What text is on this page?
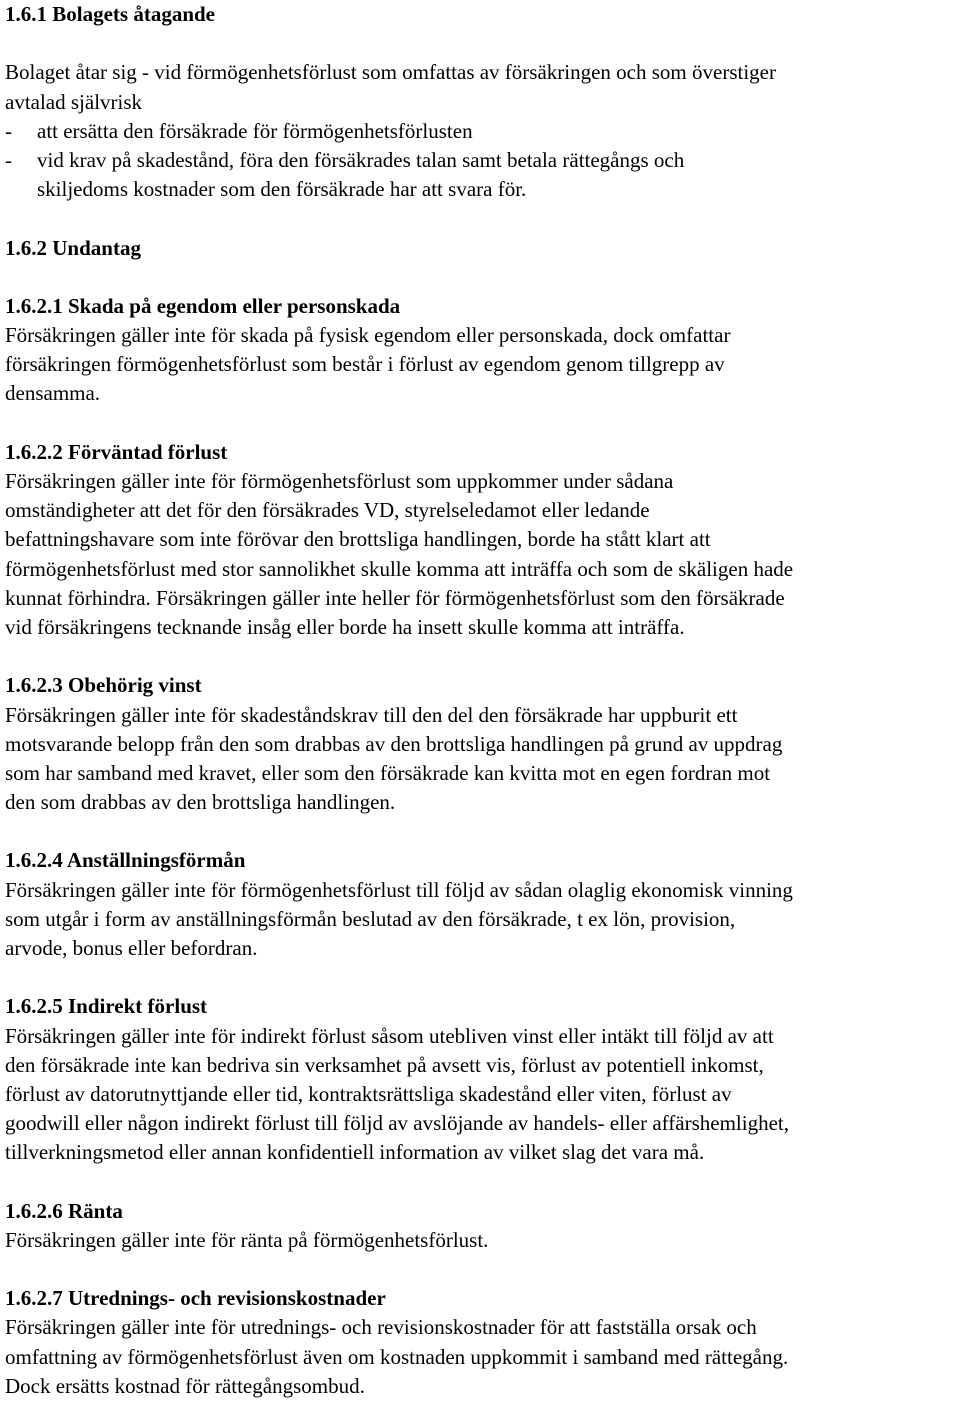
1.6.1 Bolagets åtagande
Bolaget åtar sig - vid förmögenhetsförlust som omfattas av försäkringen och som överstiger
avtalad självrisk
- att ersätta den försäkrade för förmögenhetsförlusten
- vid krav på skadestånd, föra den försäkrades talan samt betala rättegångs och
skiljedoms kostnader som den försäkrade har att svara för.
1.6.2 Undantag
1.6.2.1 Skada på egendom eller personskada
Försäkringen gäller inte för skada på fysisk egendom eller personskada, dock omfattar
försäkringen förmögenhetsförlust som består i förlust av egendom genom tillgrepp av
densamma.
1.6.2.2 Förväntad förlust
Försäkringen gäller inte för förmögenhetsförlust som uppkommer under sådana
omständigheter att det för den försäkrades VD, styrelseledamot eller ledande
befattningshavare som inte förövar den brottsliga handlingen, borde ha stått klart att
förmögenhetsförlust med stor sannolikhet skulle komma att inträffa och som de skäligen hade
kunnat förhindra. Försäkringen gäller inte heller för förmögenhetsförlust som den försäkrade
vid försäkringens tecknande insåg eller borde ha insett skulle komma att inträffa.
1.6.2.3 Obehörig vinst
Försäkringen gäller inte för skadeståndskrav till den del den försäkrade har uppburit ett
motsvarande belopp från den som drabbas av den brottsliga handlingen på grund av uppdrag
som har samband med kravet, eller som den försäkrade kan kvitta mot en egen fordran mot
den som drabbas av den brottsliga handlingen.
1.6.2.4 Anställningsförmån
Försäkringen gäller inte för förmögenhetsförlust till följd av sådan olaglig ekonomisk vinning
som utgår i form av anställningsförmån beslutad av den försäkrade, t ex lön, provision,
arvode, bonus eller befordran.
1.6.2.5 Indirekt förlust
Försäkringen gäller inte för indirekt förlust såsom utebliven vinst eller intäkt till följd av att
den försäkrade inte kan bedriva sin verksamhet på avsett vis, förlust av potentiell inkomst,
förlust av datorutnyttjande eller tid, kontraktsrättsliga skadestånd eller viten, förlust av
goodwill eller någon indirekt förlust till följd av avslöjande av handels- eller affärshemlighet,
tillverkningsmetod eller annan konfidentiell information av vilket slag det vara må.
1.6.2.6 Ränta
Försäkringen gäller inte för ränta på förmögenhetsförlust.
1.6.2.7 Utrednings- och revisionskostnader
Försäkringen gäller inte för utrednings- och revisionskostnader för att fastställa orsak och
omfattning av förmögenhetsförlust även om kostnaden uppkommit i samband med rättegång.
Dock ersätts kostnad för rättegångsombud.
